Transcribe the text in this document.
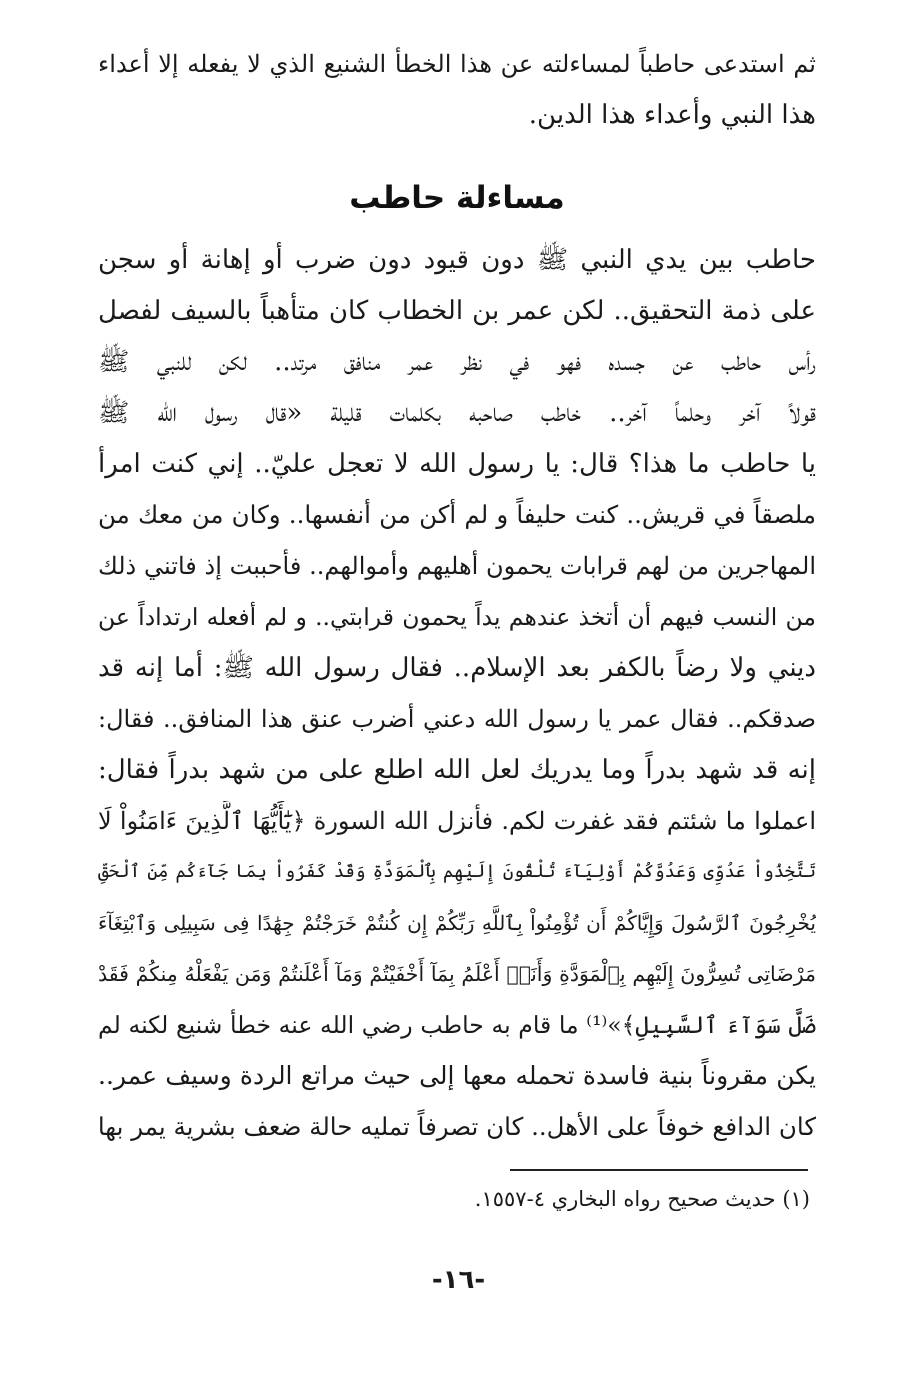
ثم استدعى حاطباً لمساءلته عن هذا الخطأ الشنيع الذي لا يفعله إلا أعداء
هذا النبي وأعداء هذا الدين.
مساءلة حاطب
حاطب بين يدي النبي ﷺ دون قيود دون ضرب أو إهانة أو سجن
على ذمة التحقيق.. لكن عمر بن الخطاب كان متأهباً بالسيف لفصل
رأس حاطب عن جسده فهو في نظر عمر منافق مرتد.. لكن للنبي ﷺ
قولاً آخر وحلماً آخر.. خاطب صاحبه بكلمات قليلة «قال رسول الله ﷺ
يا حاطب ما هذا؟ قال: يا رسول الله لا تعجل عليّ.. إني كنت امرأ
ملصقاً في قريش.. كنت حليفاً و لم أكن من أنفسها.. وكان من معك من
المهاجرين من لهم قرابات يحمون أهليهم وأموالهم.. فأحببت إذ فاتني ذلك
من النسب فيهم أن أتخذ عندهم يداً يحمون قرابتي.. و لم أفعله ارتداداً عن
ديني ولا رضاً بالكفر بعد الإسلام.. فقال رسول الله ﷺ: أما إنه قد
صدقكم.. فقال عمر يا رسول الله دعني أضرب عنق هذا المنافق.. فقال:
إنه قد شهد بدراً وما يدريك لعل الله اطلع على من شهد بدراً فقال:
اعملوا ما شئتم فقد غفرت لكم. فأنزل الله السورة ﴿يَٰٓأَيُّهَا ٱلَّذِينَ ءَامَنُواْ لَا
تَتَّخِذُواْ عَدُوِّى وَعَدُوَّكُمْ أَوْلِيَآءَ تُلْقُونَ إِلَيْهِم بِٱلْمَوَدَّةِ وَقَدْ كَفَرُواْ بِمَا جَآءَكُم مِّنَ ٱلْحَقِّ
يُخْرِجُونَ ٱلرَّسُولَ وَإِيَّاكُمْ أَن تُؤْمِنُواْ بِٱللَّهِ رَبِّكُمْ إِن كُنتُمْ خَرَجْتُمْ جِهَٰدًا فِى سَبِيلِى وَٱبْتِغَآءَ
مَرْضَاتِى تُسِرُّونَ إِلَيْهِم بِٱلْمَوَدَّةِ وَأَنَا۠ أَعْلَمُ بِمَآ أَخْفَيْتُمْ وَمَآ أَعْلَنتُمْ وَمَن يَفْعَلْهُ مِنكُمْ فَقَدْ
ضَلَّ سَوَآءَ ٱلسَّبِيلِ﴾»⁽¹⁾ ما قام به حاطب رضي الله عنه خطأ شنيع لكنه لم
يكن مقروناً بنية فاسدة تحمله معها إلى حيث مراتع الردة وسيف عمر..
كان الدافع خوفاً على الأهل.. كان تصرفاً تمليه حالة ضعف بشرية يمر بها
(١) حديث صحيح رواه البخاري ٤-١٥٥٧.
-١٦-
